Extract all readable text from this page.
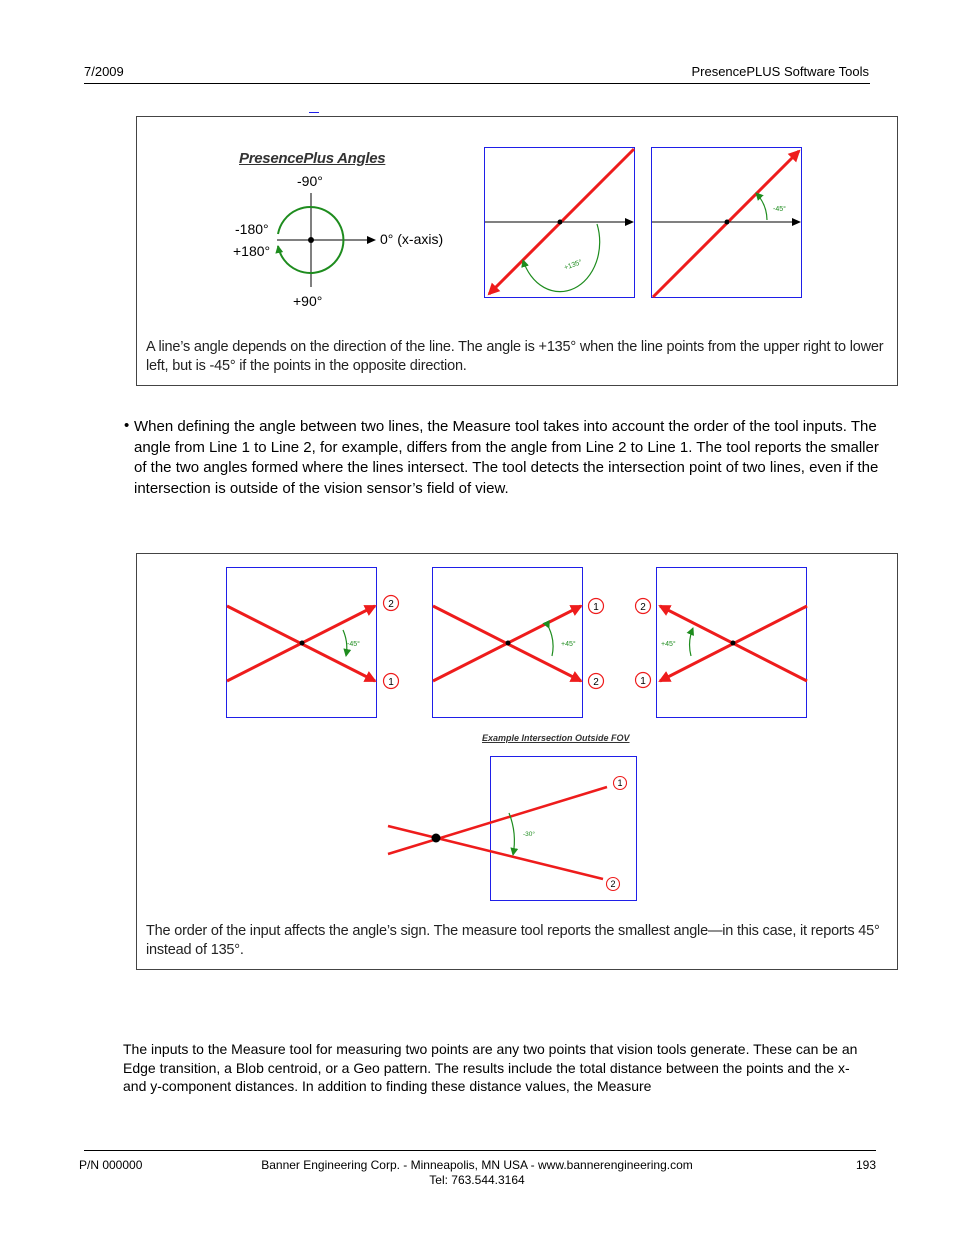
7/2009	PresencePLUS Software Tools
PresencePlus Angles
-90°
-180°
+180°
0° (x-axis)
+90°
+135°
-45°
A line’s angle depends on the direction of the line. The angle is +135° when the line points from the upper right to lower left, but is -45° if the points in the opposite direction.
• When defining the angle between two lines, the Measure tool takes into account the order of the tool inputs. The angle from Line 1 to Line 2, for example, differs from the angle from Line 2 to Line 1. The tool reports the smaller of the two angles formed where the lines intersect. The tool detects the intersection point of two lines, even if the intersection is outside of the vision sensor’s field of view.
-45°	+45°	+45°
2
1
1
2
2
1
Example Intersection Outside FOV
-30°
1
2
The order of the input affects the angle’s sign. The measure tool reports the smallest angle—in this case, it reports 45° instead of 135°.
The inputs to the Measure tool for measuring two points are any two points that vision tools generate. These can be an Edge transition, a Blob centroid, or a Geo pattern. The results include the total distance between the points and the x- and y-component distances. In addition to finding these distance values, the Measure
P/N 000000	Banner Engineering Corp. - Minneapolis, MN USA - www.bannerengineering.com
Tel: 763.544.3164
193
